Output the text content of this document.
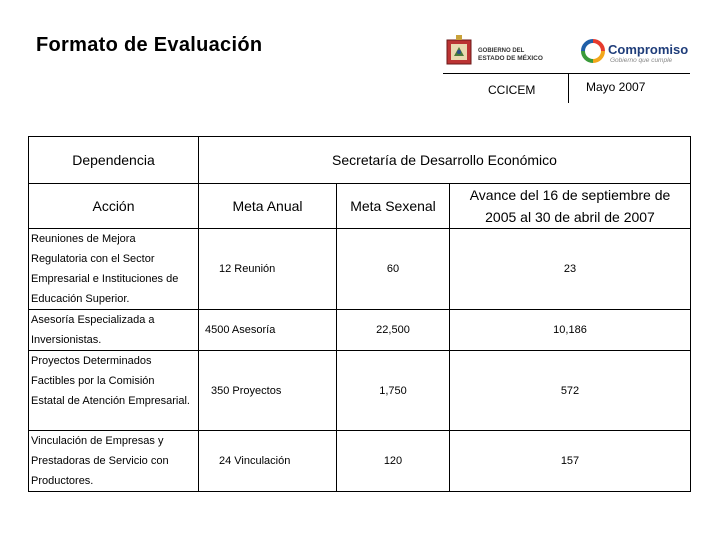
Formato de Evaluación	GOBIERNO DEL
ESTADO DE MÉXICO
Compromiso
Gobierno que cumple
CCICEM	Mayo 2007
Dependencia	Secretaría de Desarrollo Económico		
Acción	Meta Anual	Meta Sexenal	Avance del 16 de septiembre de
2005 al 30 de abril de 2007

Reuniones de Mejora
Regulatoria con el Sector
Empresarial e Instituciones de
Educación Superior.	12 Reunión	60	23

Asesoría Especializada a
Inversionistas.	4500 Asesoría	22,500	10,186

Proyectos Determinados
Factibles por la Comisión
Estatal de Atención Empresarial.	350 Proyectos	1,750	572

Vinculación de Empresas y
Prestadoras de Servicio con
Productores.	24 Vinculación	120	157
